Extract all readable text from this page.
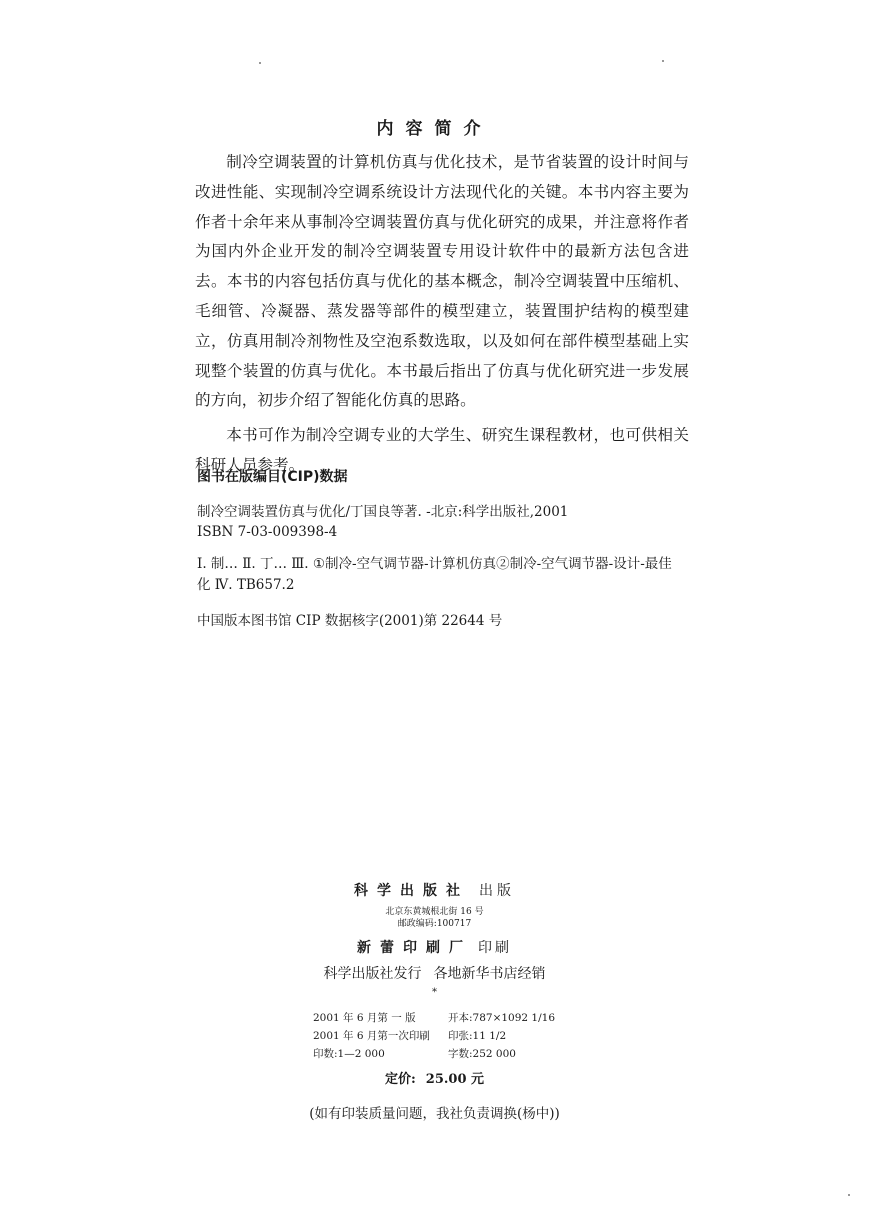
内容简介

制冷空调装置的计算机仿真与优化技术，是节省装置的设计时间与改进性能、实现制冷空调系统设计方法现代化的关键。本书内容主要为作者十余年来从事制冷空调装置仿真与优化研究的成果，并注意将作者为国内外企业开发的制冷空调装置专用设计软件中的最新方法包含进去。本书的内容包括仿真与优化的基本概念，制冷空调装置中压缩机、毛细管、冷凝器、蒸发器等部件的模型建立，装置围护结构的模型建立，仿真用制冷剂物性及空泡系数选取，以及如何在部件模型基础上实现整个装置的仿真与优化。本书最后指出了仿真与优化研究进一步发展的方向，初步介绍了智能化仿真的思路。

本书可作为制冷空调专业的大学生、研究生课程教材，也可供相关科研人员参考。

图书在版编目(CIP)数据
制冷空调装置仿真与优化/丁国良等著. -北京:科学出版社,2001
ISBN 7-03-009398-4
Ⅰ. 制… Ⅱ. 丁… Ⅲ. ①制冷-空气调节器-计算机仿真②制冷-空气调节器-设计-最佳化 Ⅳ. TB657.2
中国版本图书馆 CIP 数据核字(2001)第 22644 号
科学出版社 出版
北京东黄城根北街 16 号
邮政编码:100717
新蕾印刷厂 印刷
科学出版社发行 各地新华书店经销
*
2001 年 6 月第 一 版	开本:787×1092 1/16
2001 年 6 月第一次印刷	印张:11 1/2
印数:1—2 000	字数:252 000
定价: 25.00 元
(如有印装质量问题，我社负责调换(杨中))
